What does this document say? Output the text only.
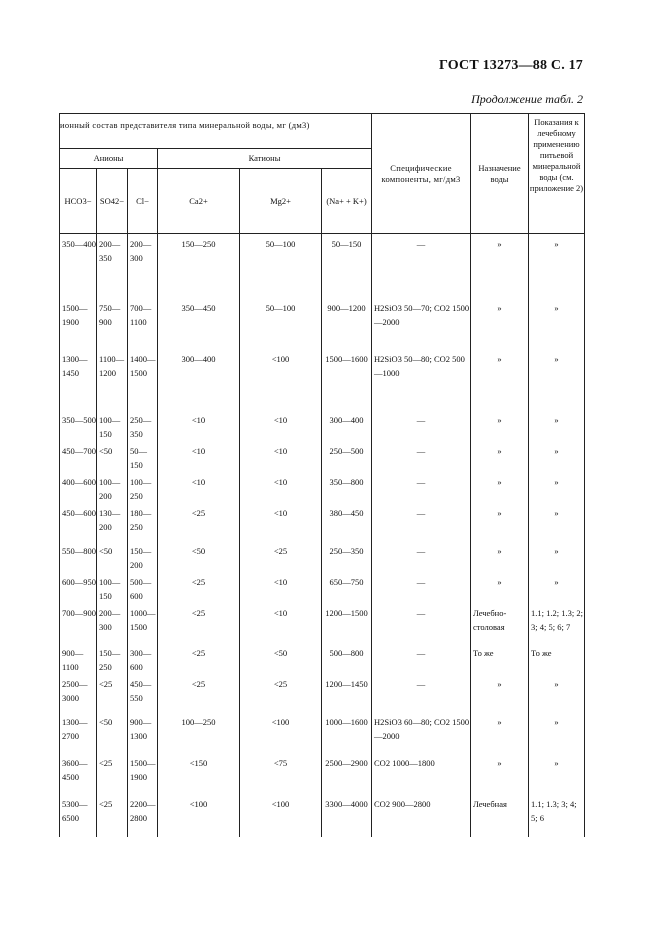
ГОСТ 13273—88 С. 17
Продолжение табл. 2
ионный состав представителя типа минеральной воды, мг (дм3)						Специфические компоненты, мг/дм3	Назначение воды	Показания к лечебному применению питьевой минеральной воды (см. приложение 2)
Анионы			Катионы					
HCO3−	SO42−	Cl−	Ca2+	Mg2+	(Na+ + K+)			
350—400	200—350	200—300	150—250	50—100	50—150	—	»	»
1500—1900	750—900	700—1100	350—450	50—100	900—1200	H2SiO3 50—70; CO2 1500—2000	»	»
1300—1450	1100—1200	1400—1500	300—400	<100	1500—1600	H2SiO3 50—80; CO2 500—1000	»	»
350—500	100—150	250—350	<10	<10	300—400	—	»	»
450—700	<50	50—150	<10	<10	250—500	—	»	»
400—600	100—200	100—250	<10	<10	350—800	—	»	»
450—600	130—200	180—250	<25	<10	380—450	—	»	»
550—800	<50	150—200	<50	<25	250—350	—	»	»
600—950	100—150	500—600	<25	<10	650—750	—	»	»
700—900	200—300	1000—1500	<25	<10	1200—1500	—	Лечебно-столовая	1.1; 1.2; 1.3; 2; 3; 4; 5; 6; 7
900—1100	150—250	300—600	<25	<50	500—800	—	То же	То же
2500—3000	<25	450—550	<25	<25	1200—1450	—	»	»
1300—2700	<50	900—1300	100—250	<100	1000—1600	H2SiO3 60—80; CO2 1500—2000	»	»
3600—4500	<25	1500—1900	<150	<75	2500—2900	CO2 1000—1800	»	»
5300—6500	<25	2200—2800	<100	<100	3300—4000	CO2 900—2800	Лечебная	1.1; 1.3; 3; 4; 5; 6
